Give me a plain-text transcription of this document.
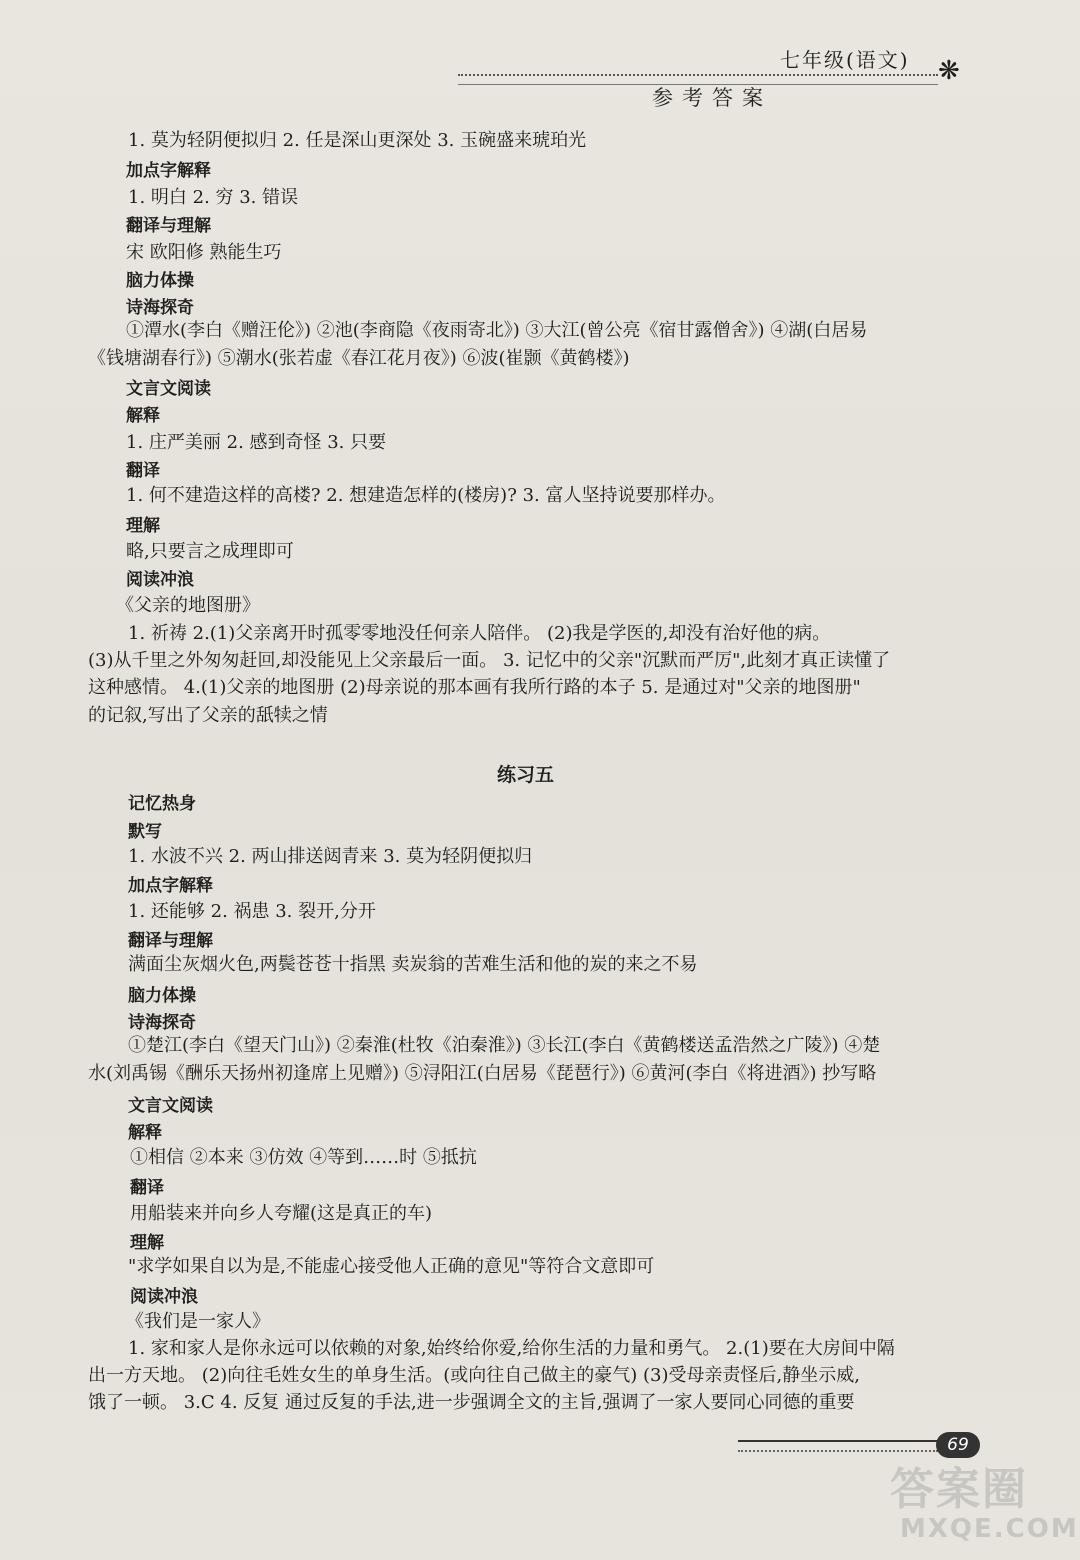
七年级(语文) ❋
参考答案
1. 莫为轻阴便拟归 2. 任是深山更深处 3. 玉碗盛来琥珀光
加点字解释
1. 明白 2. 穷 3. 错误
翻译与理解
宋 欧阳修 熟能生巧
脑力体操
诗海探奇
①潭水(李白《赠汪伦》) ②池(李商隐《夜雨寄北》) ③大江(曾公亮《宿甘露僧舍》) ④湖(白居易
《钱塘湖春行》) ⑤潮水(张若虚《春江花月夜》) ⑥波(崔颢《黄鹤楼》)
文言文阅读
解释
1. 庄严美丽 2. 感到奇怪 3. 只要
翻译
1. 何不建造这样的高楼? 2. 想建造怎样的(楼房)? 3. 富人坚持说要那样办。
理解
略,只要言之成理即可
阅读冲浪
《父亲的地图册》
1. 祈祷 2.(1)父亲离开时孤零零地没任何亲人陪伴。 (2)我是学医的,却没有治好他的病。
(3)从千里之外匆匆赶回,却没能见上父亲最后一面。 3. 记忆中的父亲"沉默而严厉",此刻才真正读懂了
这种感情。 4.(1)父亲的地图册 (2)母亲说的那本画有我所行路的本子 5. 是通过对"父亲的地图册"
的记叙,写出了父亲的舐犊之情
练习五
记忆热身
默写
1. 水波不兴 2. 两山排送闼青来 3. 莫为轻阴便拟归
加点字解释
1. 还能够 2. 祸患 3. 裂开,分开
翻译与理解
满面尘灰烟火色,两鬓苍苍十指黑 卖炭翁的苦难生活和他的炭的来之不易
脑力体操
诗海探奇
①楚江(李白《望天门山》) ②秦淮(杜牧《泊秦淮》) ③长江(李白《黄鹤楼送孟浩然之广陵》) ④楚
水(刘禹锡《酬乐天扬州初逢席上见赠》) ⑤浔阳江(白居易《琵琶行》) ⑥黄河(李白《将进酒》) 抄写略
文言文阅读
解释
①相信 ②本来 ③仿效 ④等到……时 ⑤抵抗
翻译
用船装来并向乡人夸耀(这是真正的车)
理解
"求学如果自以为是,不能虚心接受他人正确的意见"等符合文意即可
阅读冲浪
《我们是一家人》
1. 家和家人是你永远可以依赖的对象,始终给你爱,给你生活的力量和勇气。 2.(1)要在大房间中隔
出一方天地。 (2)向往毛姓女生的单身生活。(或向往自己做主的豪气) (3)受母亲责怪后,静坐示威,
饿了一顿。 3.C 4. 反复 通过反复的手法,进一步强调全文的主旨,强调了一家人要同心同德的重要
69
答案圈
MXQE.COM
